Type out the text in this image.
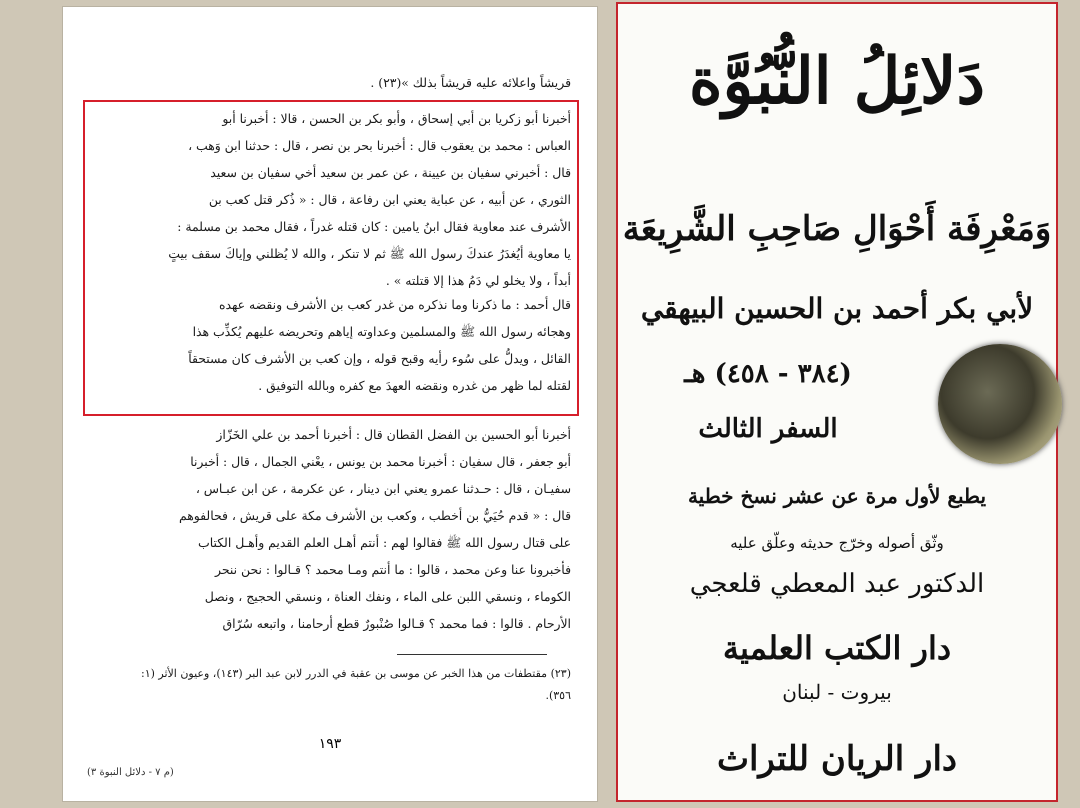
قريشاً واعلائه عليه قريشاً بذلك »(٢٣) .
أخبرنا أبو زكريا بن أبي إسحاق ، وأبو بكر بن الحسن ، قالا : أخبرنا أبو
العباس : محمد بن يعقوب قال : أخبرنا بحر بن نصر ، قال : حدثنا ابن وَهب ،
قال : أخبرني سفيان بن عيينة ، عن عمر بن سعيد أخي سفيان بن سعيد
الثوري ، عن أبيه ، عن عباية يعني ابن رفاعة ، قال : « ذُكر قتل كعب بن
الأشرف عند معاوية فقال ابنُ يامين : كان قتله غدراً ، فقال محمد بن مسلمة :
يا معاوية أيُغدَرُ عندكَ رسول الله ﷺ ثم لا تنكر ، والله لا يُظلني وإياكَ سقف بيتٍ
أبداً ، ولا يخلو لي دَمُ هذا إلا قتلته » .
قال أحمد : ما ذكرنا وما نذكره من غدر كعب بن الأشرف ونقضه عهده
وهجائه رسول الله ﷺ والمسلمين وعداوته إياهم وتحريضه عليهم يُكذِّب هذا
القائل ، ويدلُّ على سُوء رأيه وقبح قوله ، وإن كعب بن الأشرف كان مستحقاً
لقتله لما ظهر من غدره ونقضه العهدَ مع كفره وبالله التوفيق .
أخبرنا أبو الحسين بن الفضل القطان قال : أخبرنا أحمد بن علي الخَزّاز
أبو جعفر ، قال سفيان : أخبرنا محمد بن يونس ، يعْني الجمال ، قال : أخبرنا
سفيـان ، قال : حـدثنا عمرو يعني ابن دينار ، عن عكرمة ، عن ابن عبـاس ،
قال : « قدم حُيَيُّ بن أخطب ، وكعب بن الأشرف مكة على قريش ، فحالفوهم
على قتال رسول الله ﷺ فقالوا لهم : أنتم أهـل العلم القديم وأهـل الكتاب
فأخبرونا عنا وعن محمد ، قالوا : ما أنتم ومـا محمد ؟ قـالوا : نحن ننحر
الكوماء ، ونسقي اللبن على الماء ، ونفك العناة ، ونسقي الحجيج ، ونصل
الأرحام . قالوا : فما محمد ؟ قـالوا صُنْبورٌ قطع أرحامنا ، واتبعه سُرّاق
(٢٣) مقتطفات من هذا الخبر عن موسى بن عقبة في الدرر لابن عبد البر (١٤٣)، وعيون الأثر (١:
٣٥٦).
١٩٣
(م ٧ - دلائل النبوة ٣)
دَلائِلُ النُّبُوَّة
وَمَعْرِفَة أَحْوَالِ صَاحِبِ الشَّرِيعَة
لأبي بكر أحمد بن الحسين البيهقي
(٣٨٤ - ٤٥٨) هـ
السفر الثالث
يطبع لأول مرة عن عشر نسخ خطية
وثّق أصوله وخرّج حديثه وعلّق عليه
الدكتور عبد المعطي قلعجي
دار الكتب العلمية
بيروت - لبنان
دار الريان للتراث
